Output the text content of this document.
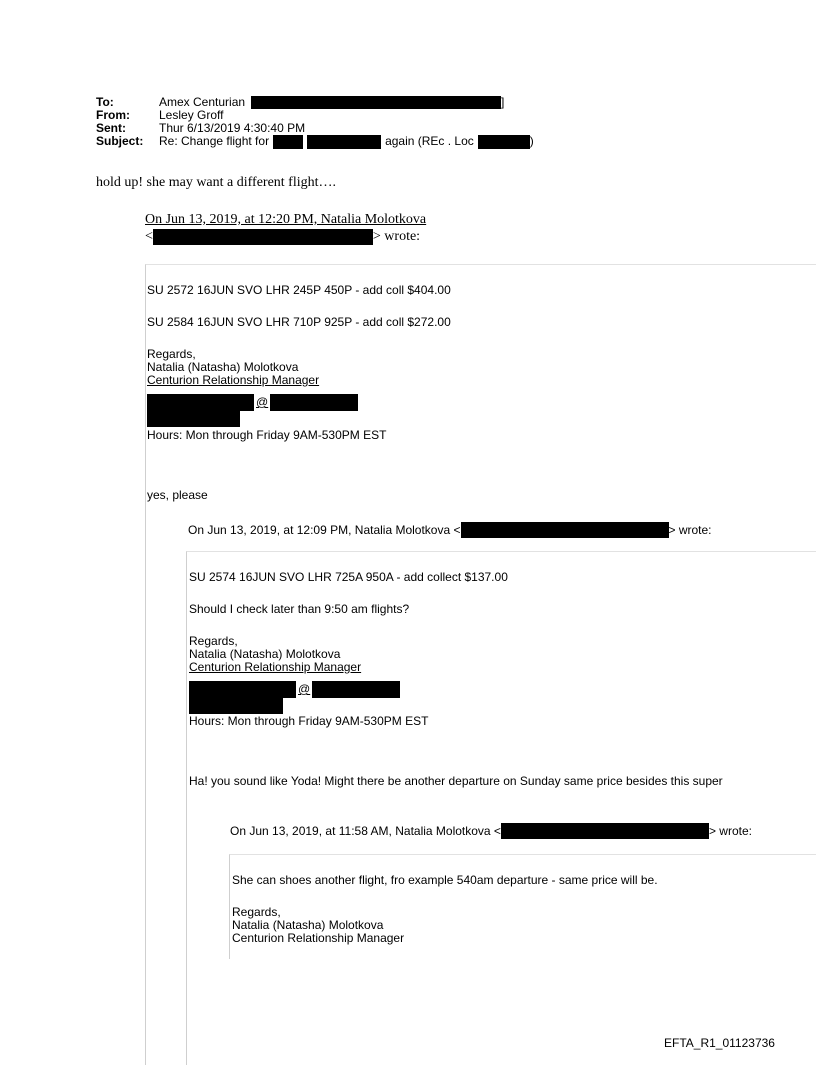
To:	Amex Centurian	]
From:	Lesley Groff
Sent:	Thur 6/13/2019 4:30:40 PM
Subject:	Re: Change flight for	again (REc . Loc	)
hold up! she may want a different flight….
On Jun 13, 2019, at 12:20 PM, Natalia Molotkova
<	> wrote:
SU 2572 16JUN SVO LHR 245P 450P - add coll $404.00
SU 2584 16JUN SVO LHR 710P 925P - add coll $272.00
Regards,
Natalia (Natasha) Molotkova
Centurion Relationship Manager
@
Hours: Mon through Friday 9AM-530PM EST
yes, please
On Jun 13, 2019, at 12:09 PM, Natalia Molotkova <	> wrote:
SU 2574 16JUN SVO LHR 725A 950A - add collect $137.00
Should I check later than 9:50 am flights?
Regards,
Natalia (Natasha) Molotkova
Centurion Relationship Manager
@
Hours: Mon through Friday 9AM-530PM EST
Ha! you sound like Yoda! Might there be another departure on Sunday same price besides this super
On Jun 13, 2019, at 11:58 AM, Natalia Molotkova <	> wrote:
She can shoes another flight, fro example 540am departure - same price will be.
Regards,
Natalia (Natasha) Molotkova
Centurion Relationship Manager
EFTA_R1_01123736
